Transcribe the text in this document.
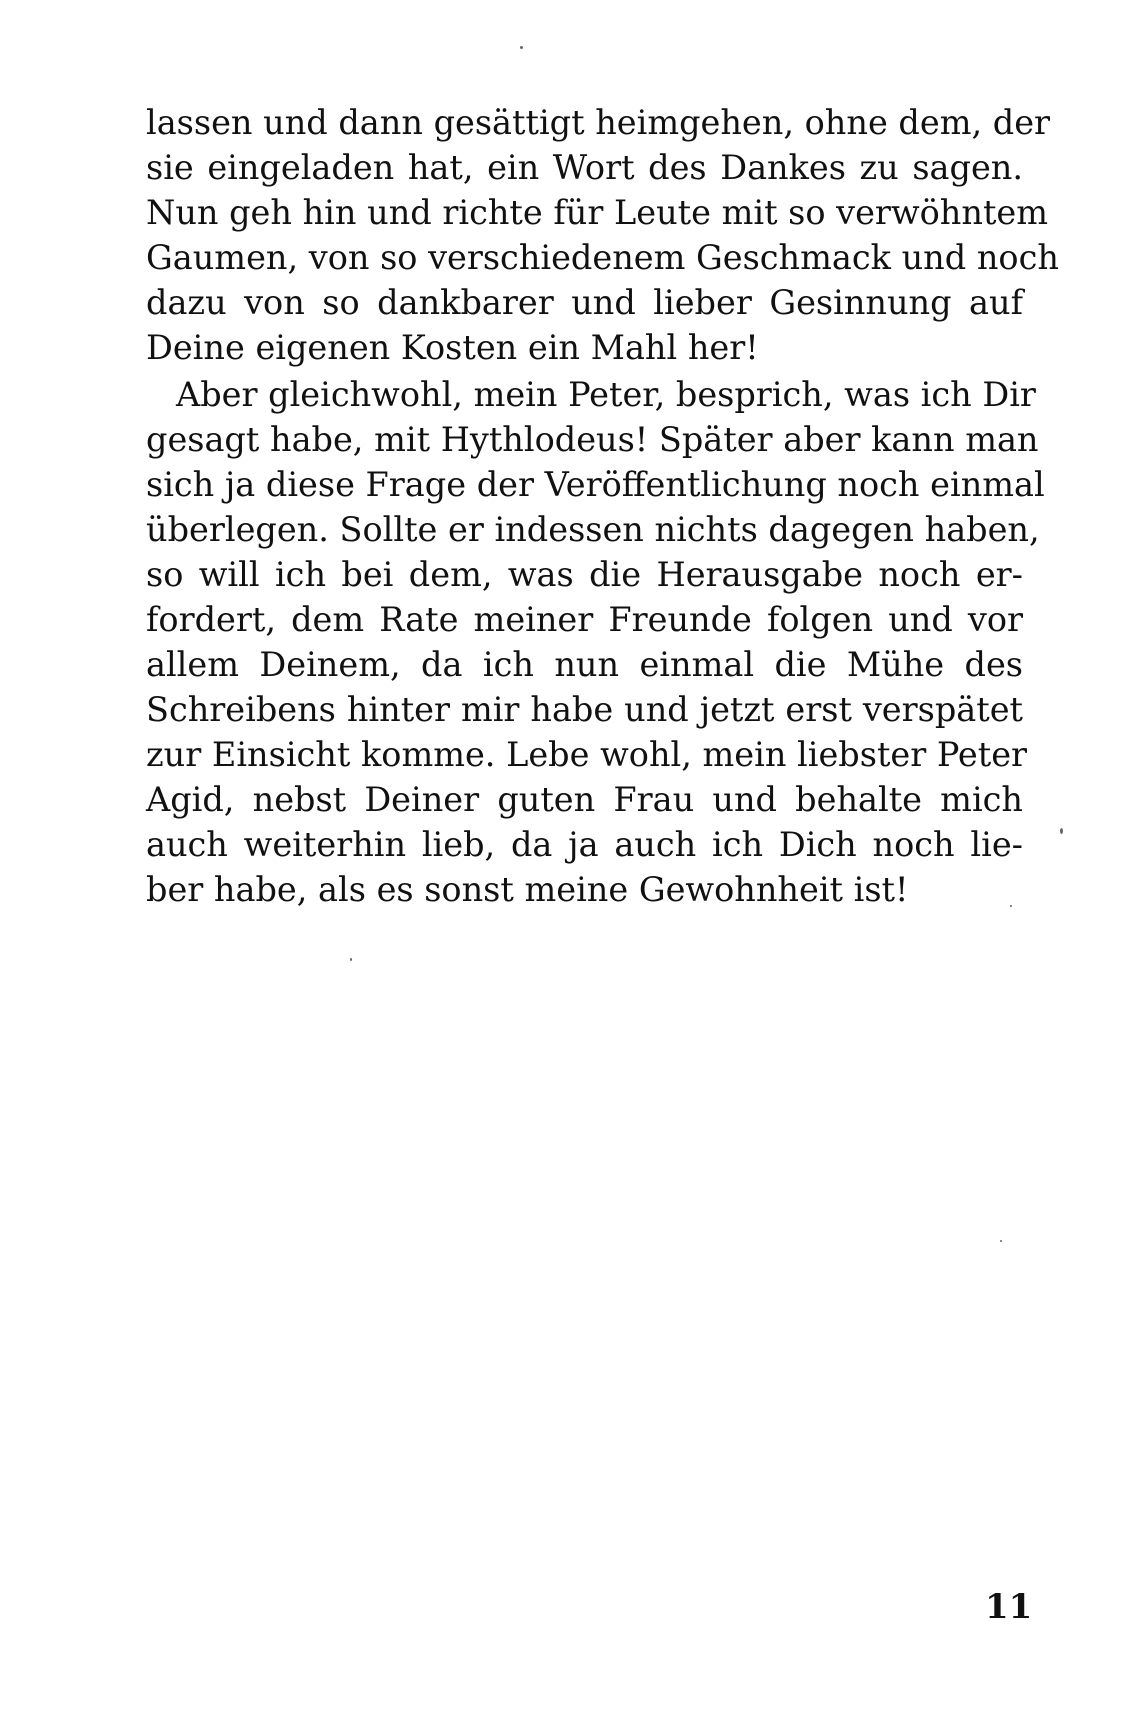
lassen und dann gesättigt heimgehen, ohne dem, der
sie eingeladen hat, ein Wort des Dankes zu sagen.
Nun geh hin und richte für Leute mit so verwöhntem
Gaumen, von so verschiedenem Geschmack und noch
dazu von so dankbarer und lieber Gesinnung auf
Deine eigenen Kosten ein Mahl her!
Aber gleichwohl, mein Peter, besprich, was ich Dir
gesagt habe, mit Hythlodeus! Später aber kann man
sich ja diese Frage der Veröffentlichung noch einmal
überlegen. Sollte er indessen nichts dagegen haben,
so will ich bei dem, was die Herausgabe noch er-
fordert, dem Rate meiner Freunde folgen und vor
allem Deinem, da ich nun einmal die Mühe des
Schreibens hinter mir habe und jetzt erst verspätet
zur Einsicht komme. Lebe wohl, mein liebster Peter
Agid, nebst Deiner guten Frau und behalte mich
auch weiterhin lieb, da ja auch ich Dich noch lie-
ber habe, als es sonst meine Gewohnheit ist!
11
